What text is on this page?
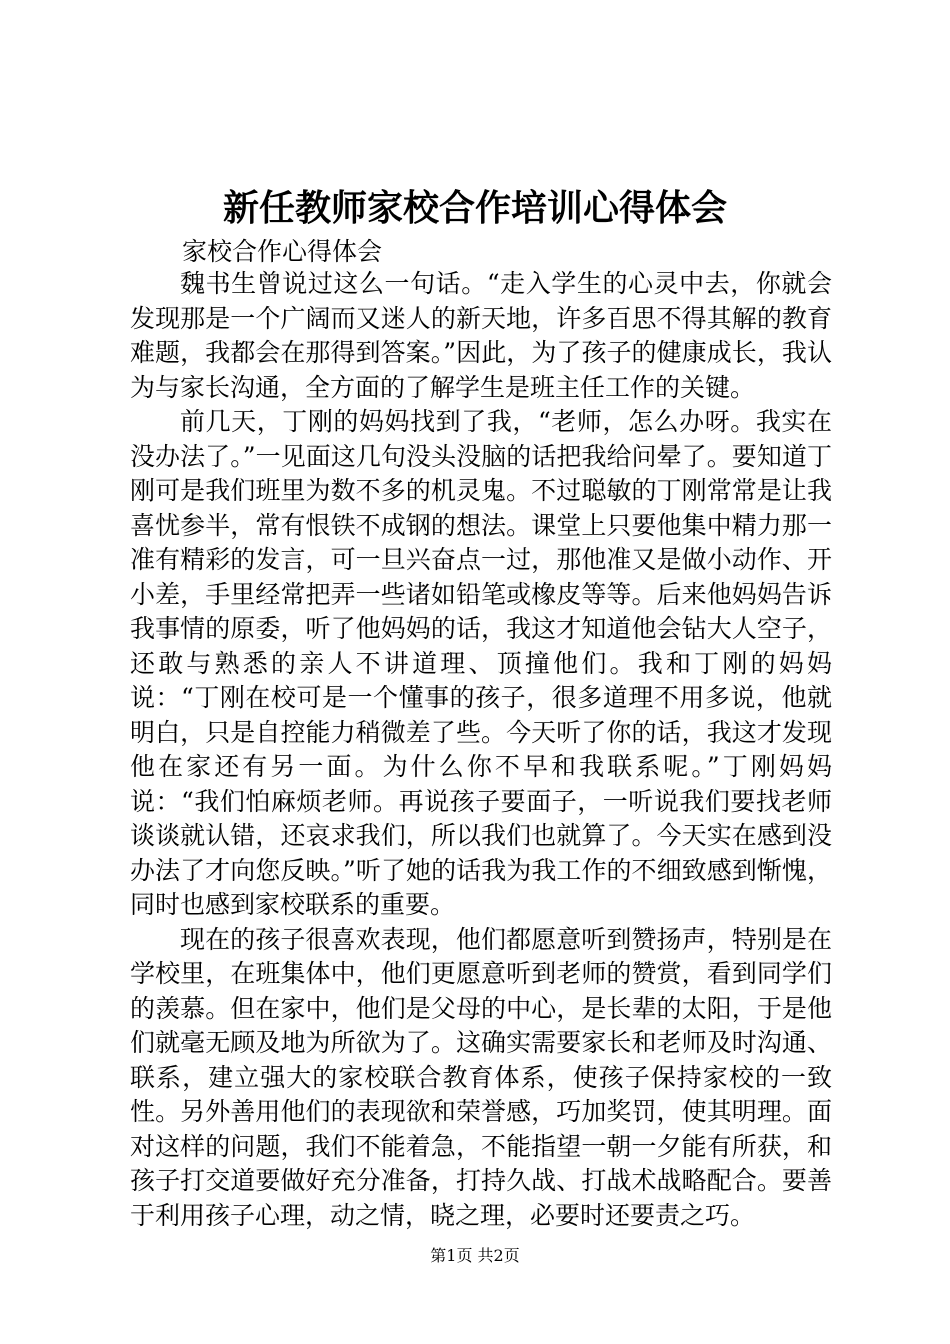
新任教师家校合作培训心得体会

家校合作心得体会

魏书生曾说过这么一句话。“走入学生的心灵中去，你就会发现那是一个广阔而又迷人的新天地，许多百思不得其解的教育难题，我都会在那得到答案。”因此，为了孩子的健康成长，我认为与家长沟通，全方面的了解学生是班主任工作的关键。

前几天，丁刚的妈妈找到了我，“老师，怎么办呀。我实在没办法了。”一见面这几句没头没脑的话把我给问晕了。要知道丁刚可是我们班里为数不多的机灵鬼。不过聪敏的丁刚常常是让我喜忧参半，常有恨铁不成钢的想法。课堂上只要他集中精力那一准有精彩的发言，可一旦兴奋点一过，那他准又是做小动作、开小差，手里经常把弄一些诸如铅笔或橡皮等等。后来他妈妈告诉我事情的原委，听了他妈妈的话，我这才知道他会钻大人空子，还敢与熟悉的亲人不讲道理、顶撞他们。我和丁刚的妈妈说：“丁刚在校可是一个懂事的孩子，很多道理不用多说，他就明白，只是自控能力稍微差了些。今天听了你的话，我这才发现他在家还有另一面。为什么你不早和我联系呢。”丁刚妈妈说：“我们怕麻烦老师。再说孩子要面子，一听说我们要找老师谈谈就认错，还哀求我们，所以我们也就算了。今天实在感到没办法了才向您反映。”听了她的话我为我工作的不细致感到惭愧，同时也感到家校联系的重要。

现在的孩子很喜欢表现，他们都愿意听到赞扬声，特别是在学校里，在班集体中，他们更愿意听到老师的赞赏，看到同学们的羡慕。但在家中，他们是父母的中心，是长辈的太阳，于是他们就毫无顾及地为所欲为了。这确实需要家长和老师及时沟通、联系，建立强大的家校联合教育体系，使孩子保持家校的一致性。另外善用他们的表现欲和荣誉感，巧加奖罚，使其明理。面对这样的问题，我们不能着急，不能指望一朝一夕能有所获，和孩子打交道要做好充分准备，打持久战、打战术战略配合。要善于利用孩子心理，动之情，晓之理，必要时还要责之巧。

第1页 共2页
